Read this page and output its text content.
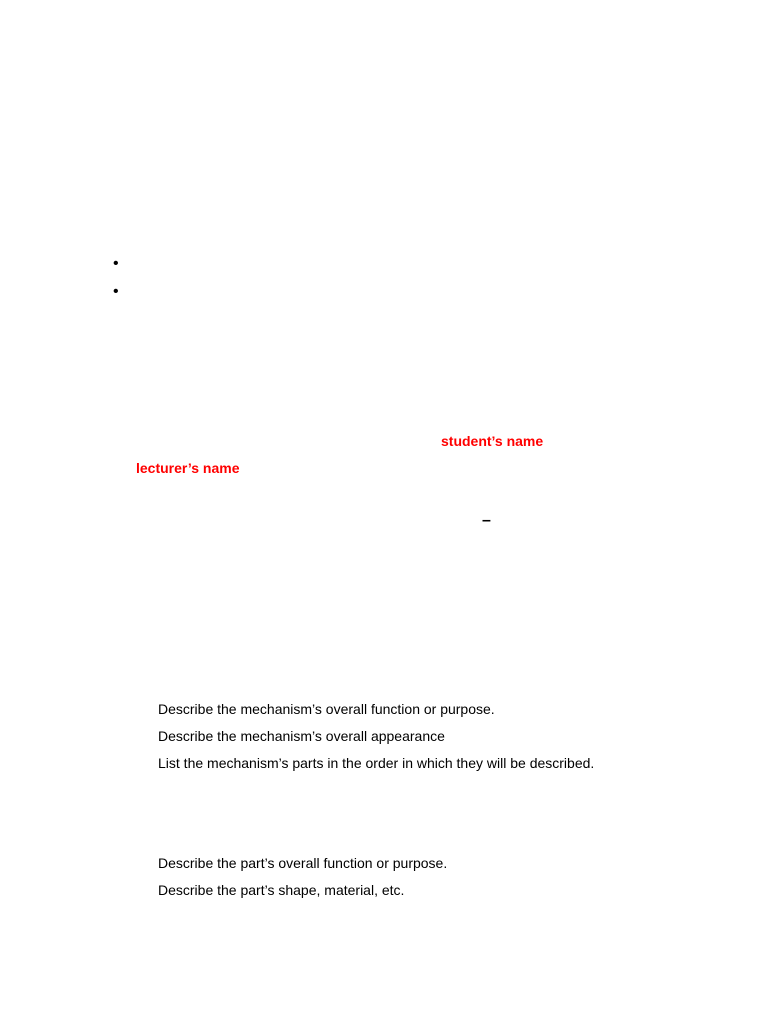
•
•
student’s name
lecturer’s name
–
Describe the mechanism’s overall function or purpose.
Describe the mechanism’s overall appearance
List the mechanism’s parts in the order in which they will be described.
Describe the part’s overall function or purpose.
Describe the part’s shape, material, etc.
